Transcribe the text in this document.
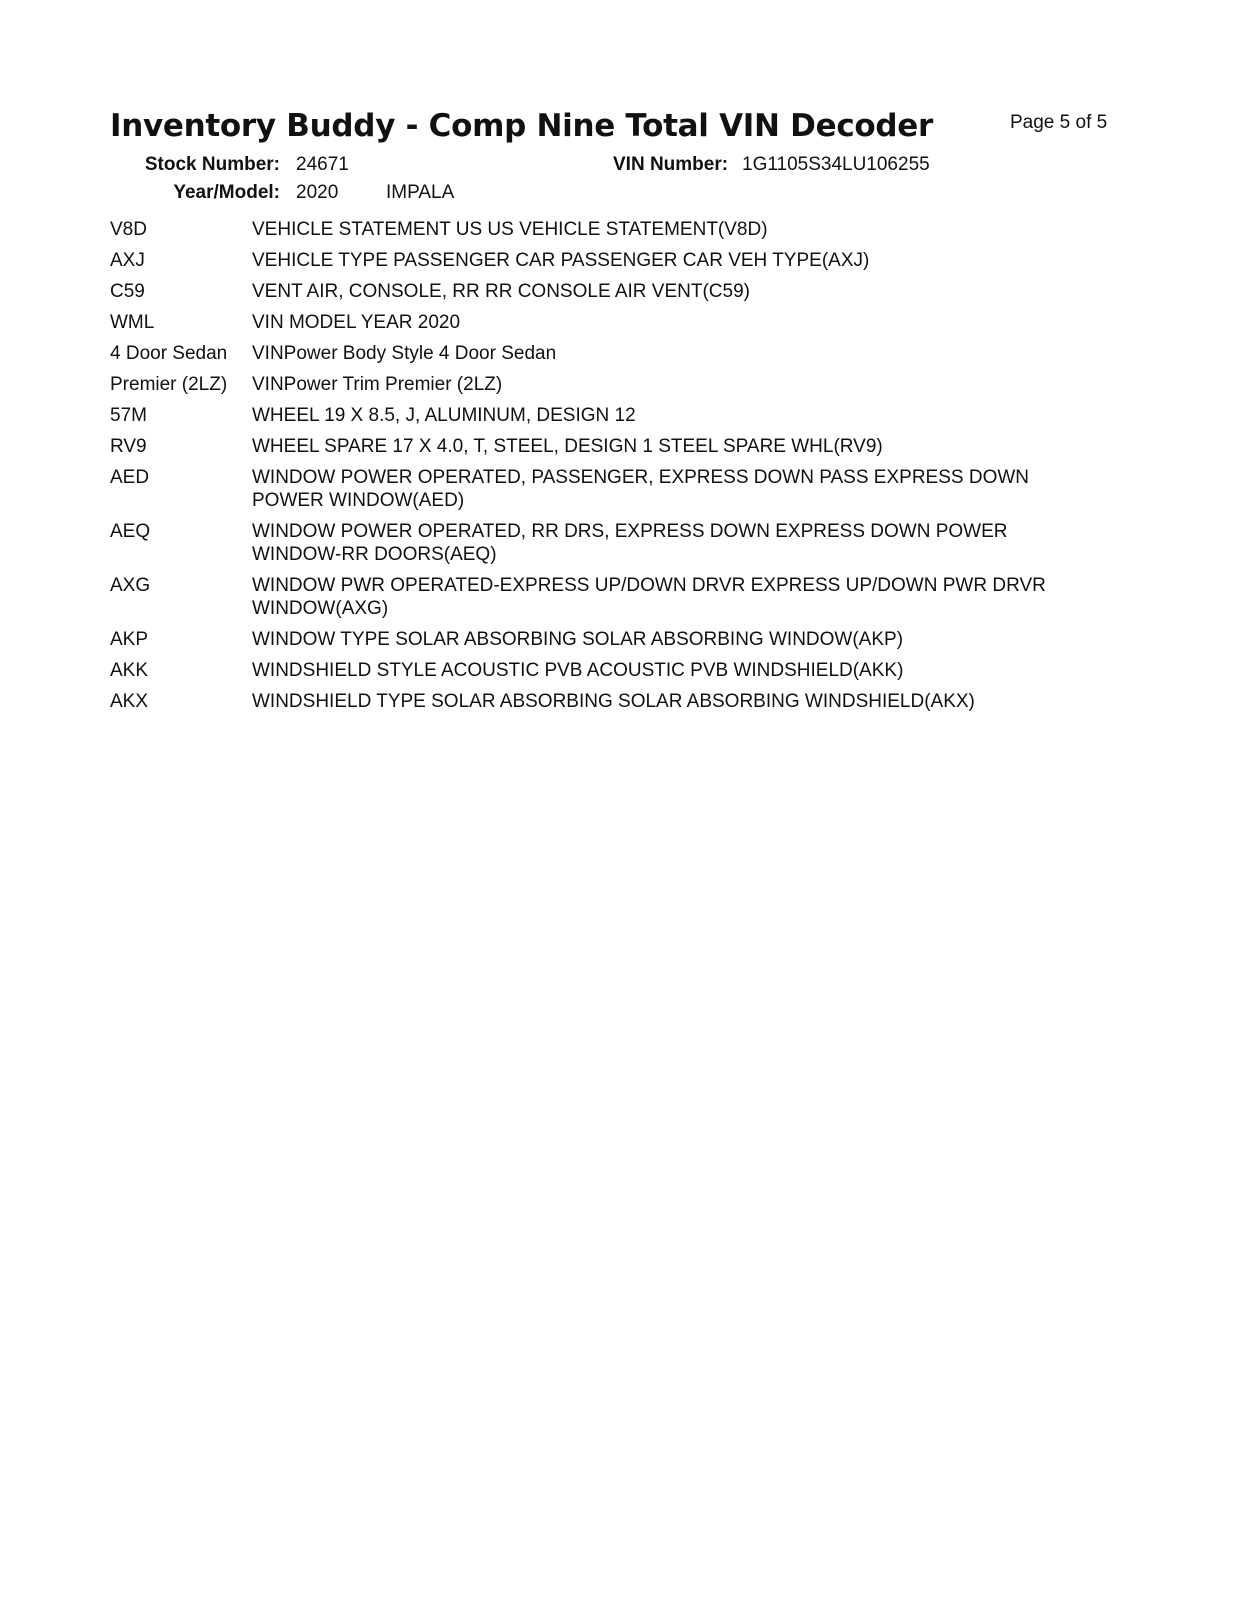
Inventory Buddy - Comp Nine Total VIN Decoder	Page 5 of 5
Stock Number: 24671
Year/Model: 2020	IMPALA
VIN Number: 1G1105S34LU106255
V8D	VEHICLE STATEMENT US US VEHICLE STATEMENT(V8D)
AXJ	VEHICLE TYPE PASSENGER CAR PASSENGER CAR VEH TYPE(AXJ)
C59	VENT AIR, CONSOLE, RR RR CONSOLE AIR VENT(C59)
WML	VIN MODEL YEAR 2020
4 Door Sedan	VINPower Body Style 4 Door Sedan
Premier (2LZ)	VINPower Trim Premier (2LZ)
57M	WHEEL 19 X 8.5, J, ALUMINUM, DESIGN 12
RV9	WHEEL SPARE 17 X 4.0, T, STEEL, DESIGN 1 STEEL SPARE WHL(RV9)
AED	WINDOW POWER OPERATED, PASSENGER, EXPRESS DOWN PASS EXPRESS DOWN POWER WINDOW(AED)
AEQ	WINDOW POWER OPERATED, RR DRS, EXPRESS DOWN EXPRESS DOWN POWER WINDOW-RR DOORS(AEQ)
AXG	WINDOW PWR OPERATED-EXPRESS UP/DOWN DRVR EXPRESS UP/DOWN PWR DRVR WINDOW(AXG)
AKP	WINDOW TYPE SOLAR ABSORBING SOLAR ABSORBING WINDOW(AKP)
AKK	WINDSHIELD STYLE ACOUSTIC PVB ACOUSTIC PVB WINDSHIELD(AKK)
AKX	WINDSHIELD TYPE SOLAR ABSORBING SOLAR ABSORBING WINDSHIELD(AKX)
